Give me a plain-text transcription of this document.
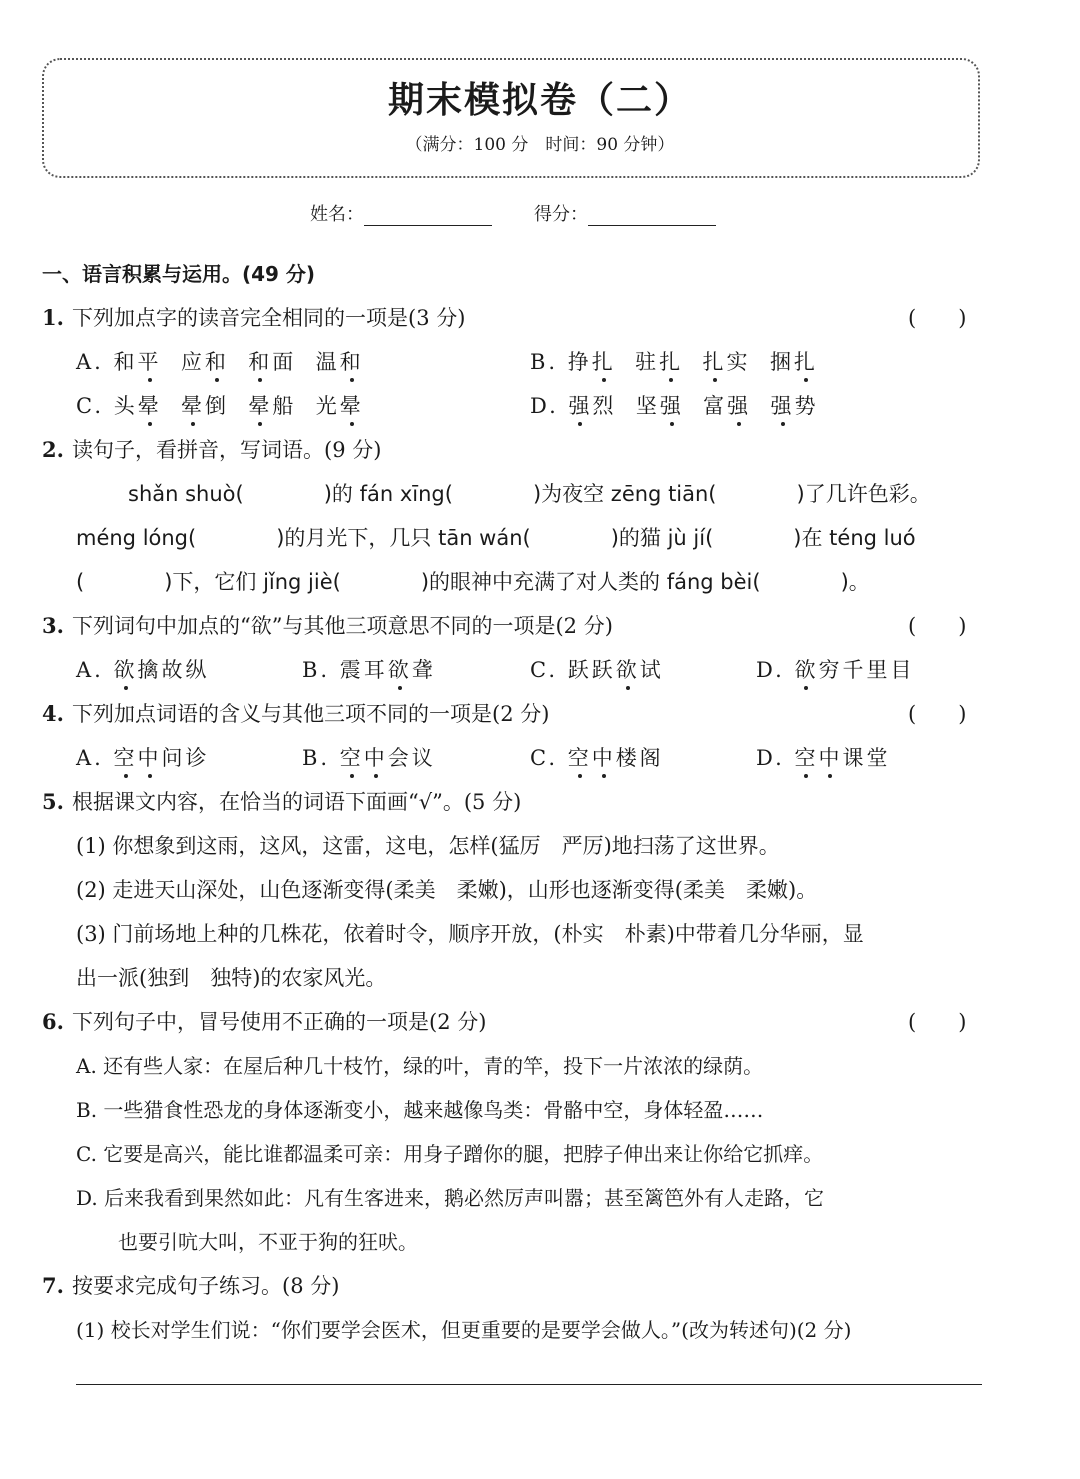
期末模拟卷（二）
（满分：100 分　时间：90 分钟）
姓名：	得分：
一、语言积累与运用。(49 分)
1. 下列加点字的读音完全相同的一项是(3 分)	(　　)
A. 和平 应和 和面 温和	B. 挣扎 驻扎 扎实 捆扎
C. 头晕 晕倒 晕船 光晕	D. 强烈 坚强 富强 强势
2. 读句子，看拼音，写词语。(9 分)
shǎn shuò(	)的 fán xīng(	)为夜空 zēng tiān(	)了几许色彩。
méng lóng(	)的月光下，几只 tān wán(	)的猫 jù jí(	)在 téng luó
(	)下，它们 jǐng jiè(	)的眼神中充满了对人类的 fáng bèi(	)。
3. 下列词句中加点的“欲”与其他三项意思不同的一项是(2 分)	(　　)
A. 欲擒故纵	B. 震耳欲聋	C. 跃跃欲试	D. 欲穷千里目
4. 下列加点词语的含义与其他三项不同的一项是(2 分)	(　　)
A. 空中问诊	B. 空中会议	C. 空中楼阁	D. 空中课堂
5. 根据课文内容，在恰当的词语下面画“√”。(5 分)
(1) 你想象到这雨，这风，这雷，这电，怎样(猛厉　严厉)地扫荡了这世界。
(2) 走进天山深处，山色逐渐变得(柔美　柔嫩)，山形也逐渐变得(柔美　柔嫩)。
(3) 门前场地上种的几株花，依着时令，顺序开放，(朴实　朴素)中带着几分华丽，显
出一派(独到　独特)的农家风光。
6. 下列句子中，冒号使用不正确的一项是(2 分)	(　　)
A. 还有些人家：在屋后种几十枝竹，绿的叶，青的竿，投下一片浓浓的绿荫。
B. 一些猎食性恐龙的身体逐渐变小，越来越像鸟类：骨骼中空，身体轻盈……
C. 它要是高兴，能比谁都温柔可亲：用身子蹭你的腿，把脖子伸出来让你给它抓痒。
D. 后来我看到果然如此：凡有生客进来，鹅必然厉声叫嚣；甚至篱笆外有人走路，它
也要引吭大叫，不亚于狗的狂吠。
7. 按要求完成句子练习。(8 分)
(1) 校长对学生们说：“你们要学会医术，但更重要的是要学会做人。”(改为转述句)(2 分)
